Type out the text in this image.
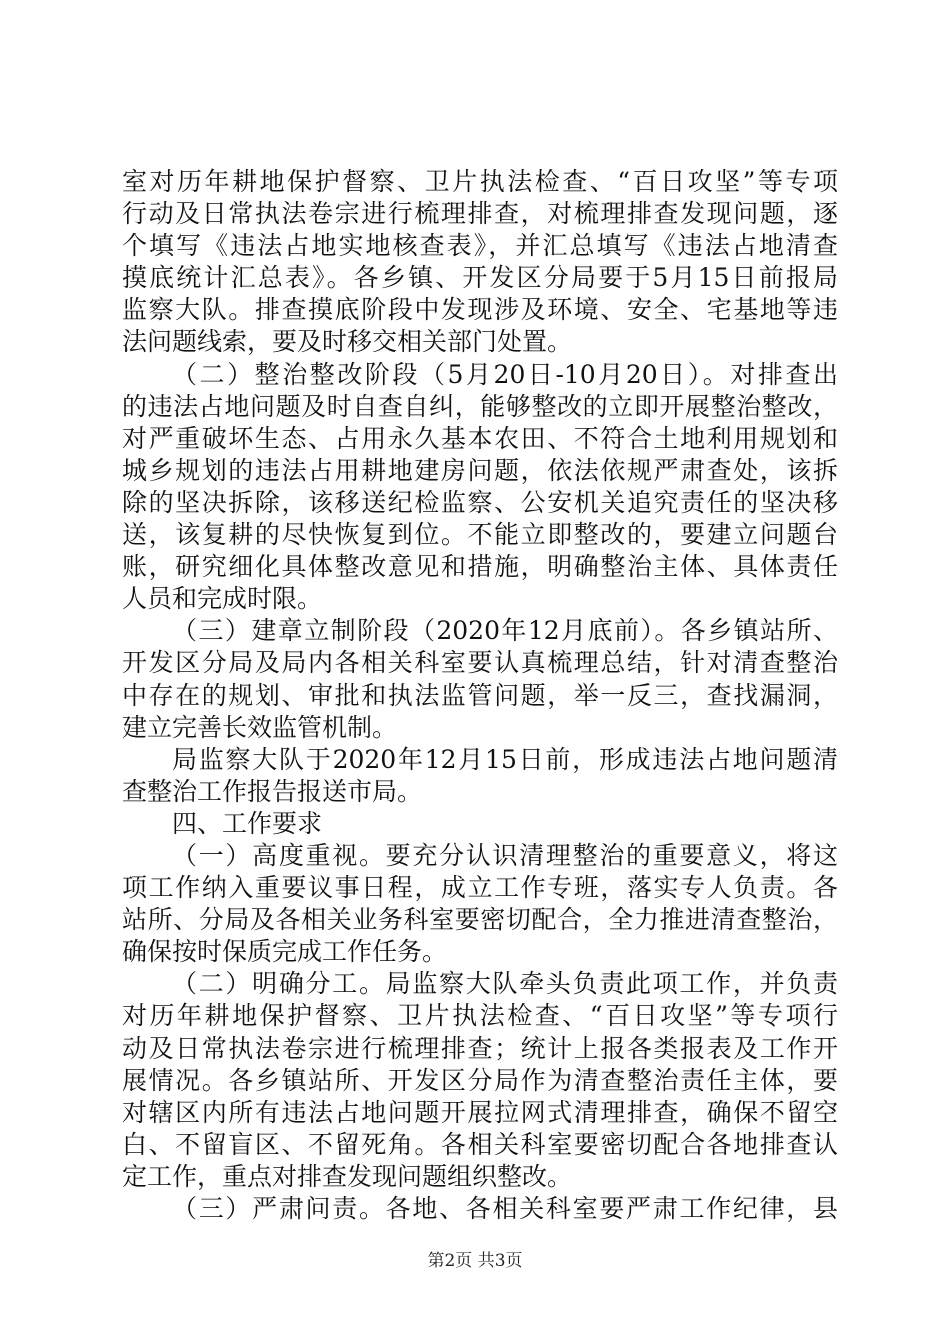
室对历年耕地保护督察、卫片执法检查、“百日攻坚”等专项
行动及日常执法卷宗进行梳理排查，对梳理排查发现问题，逐
个填写《违法占地实地核查表》，并汇总填写《违法占地清查
摸底统计汇总表》。各乡镇、开发区分局要于5月15日前报局
监察大队。排查摸底阶段中发现涉及环境、安全、宅基地等违
法问题线索，要及时移交相关部门处置。
（二）整治整改阶段（5月20日-10月20日）。对排查出
的违法占地问题及时自查自纠，能够整改的立即开展整治整改，
对严重破坏生态、占用永久基本农田、不符合土地利用规划和
城乡规划的违法占用耕地建房问题，依法依规严肃查处，该拆
除的坚决拆除，该移送纪检监察、公安机关追究责任的坚决移
送，该复耕的尽快恢复到位。不能立即整改的，要建立问题台
账，研究细化具体整改意见和措施，明确整治主体、具体责任
人员和完成时限。
（三）建章立制阶段（2020年12月底前）。各乡镇站所、
开发区分局及局内各相关科室要认真梳理总结，针对清查整治
中存在的规划、审批和执法监管问题，举一反三，查找漏洞，
建立完善长效监管机制。
局监察大队于2020年12月15日前，形成违法占地问题清
查整治工作报告报送市局。
四、工作要求
（一）高度重视。要充分认识清理整治的重要意义，将这
项工作纳入重要议事日程，成立工作专班，落实专人负责。各
站所、分局及各相关业务科室要密切配合，全力推进清查整治，
确保按时保质完成工作任务。
（二）明确分工。局监察大队牵头负责此项工作，并负责
对历年耕地保护督察、卫片执法检查、“百日攻坚”等专项行
动及日常执法卷宗进行梳理排查；统计上报各类报表及工作开
展情况。各乡镇站所、开发区分局作为清查整治责任主体，要
对辖区内所有违法占地问题开展拉网式清理排查，确保不留空
白、不留盲区、不留死角。各相关科室要密切配合各地排查认
定工作，重点对排查发现问题组织整改。
（三）严肃问责。各地、各相关科室要严肃工作纪律，县
第2页 共3页
